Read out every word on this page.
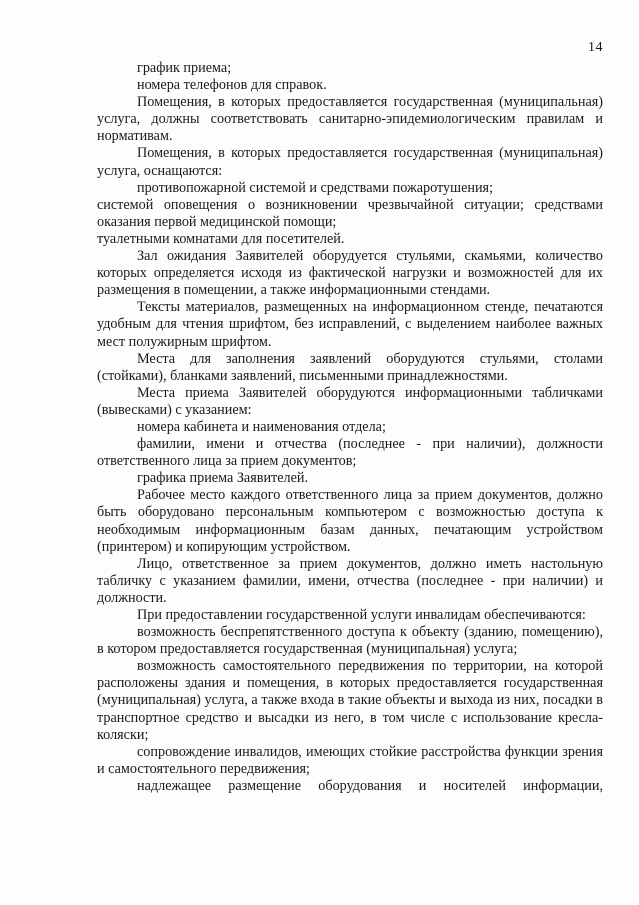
14

график приема;

номера телефонов для справок.

Помещения, в которых предоставляется государственная (муниципальная) услуга, должны соответствовать санитарно-эпидемиологическим правилам и нормативам.

Помещения, в которых предоставляется государственная (муниципальная) услуга, оснащаются:

противопожарной системой и средствами пожаротушения;

системой оповещения о возникновении чрезвычайной ситуации; средствами оказания первой медицинской помощи;

туалетными комнатами для посетителей.

Зал ожидания Заявителей оборудуется стульями, скамьями, количество которых определяется исходя из фактической нагрузки и возможностей для их размещения в помещении, а также информационными стендами.

Тексты материалов, размещенных на информационном стенде, печатаются удобным для чтения шрифтом, без исправлений, с выделением наиболее важных мест полужирным шрифтом.

Места для заполнения заявлений оборудуются стульями, столами (стойками), бланками заявлений, письменными принадлежностями.

Места приема Заявителей оборудуются информационными табличками (вывесками) с указанием:

номера кабинета и наименования отдела;

фамилии, имени и отчества (последнее - при наличии), должности ответственного лица за прием документов;

графика приема Заявителей.

Рабочее место каждого ответственного лица за прием документов, должно быть оборудовано персональным компьютером с возможностью доступа к необходимым информационным базам данных, печатающим устройством (принтером) и копирующим устройством.

Лицо, ответственное за прием документов, должно иметь настольную табличку с указанием фамилии, имени, отчества (последнее - при наличии) и должности.

При предоставлении государственной услуги инвалидам обеспечиваются:

возможность беспрепятственного доступа к объекту (зданию, помещению), в котором предоставляется государственная (муниципальная) услуга;

возможность самостоятельного передвижения по территории, на которой расположены здания и помещения, в которых предоставляется государственная (муниципальная) услуга, а также входа в такие объекты и выхода из них, посадки в транспортное средство и высадки из него, в том числе с использование кресла- коляски;

сопровождение инвалидов, имеющих стойкие расстройства функции зрения и самостоятельного передвижения;

надлежащее размещение оборудования и носителей информации,
